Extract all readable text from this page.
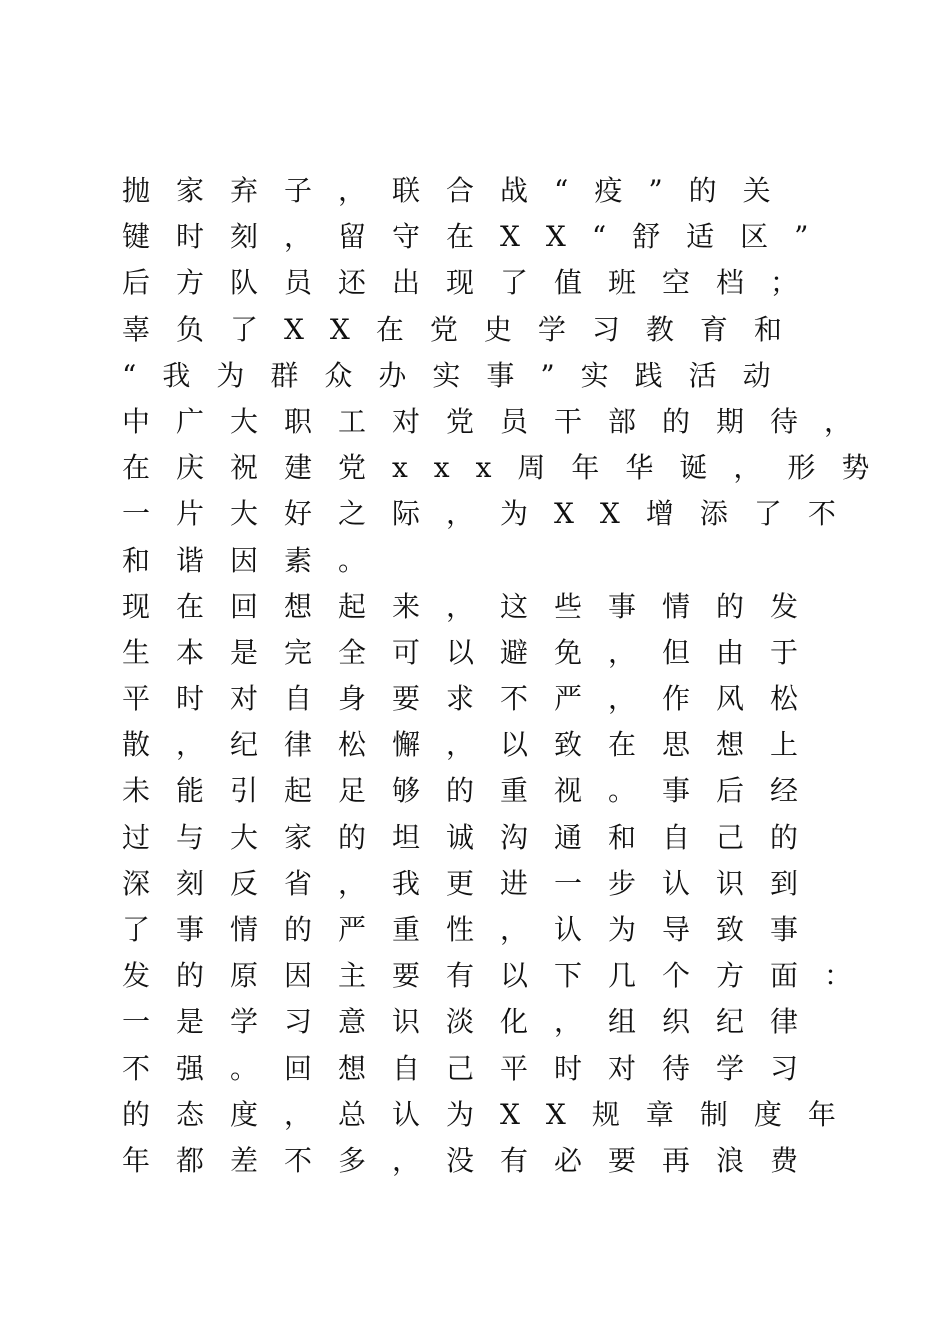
抛家弃子，联合战“疫”的关
键时刻，留守在XX“舒适区”
后方队员还出现了值班空档；
辜负了XX在党史学习教育和
“我为群众办实事”实践活动
中广大职工对党员干部的期待，
在庆祝建党xxx周年华诞，形势
一片大好之际，为XX增添了不
和谐因素。
现在回想起来，这些事情的发
生本是完全可以避免，但由于
平时对自身要求不严，作风松
散，纪律松懈，以致在思想上
未能引起足够的重视。事后经
过与大家的坦诚沟通和自己的
深刻反省，我更进一步认识到
了事情的严重性，认为导致事
发的原因主要有以下几个方面：
一是学习意识淡化，组织纪律
不强。回想自己平时对待学习
的态度，总认为XX规章制度年
年都差不多，没有必要再浪费
